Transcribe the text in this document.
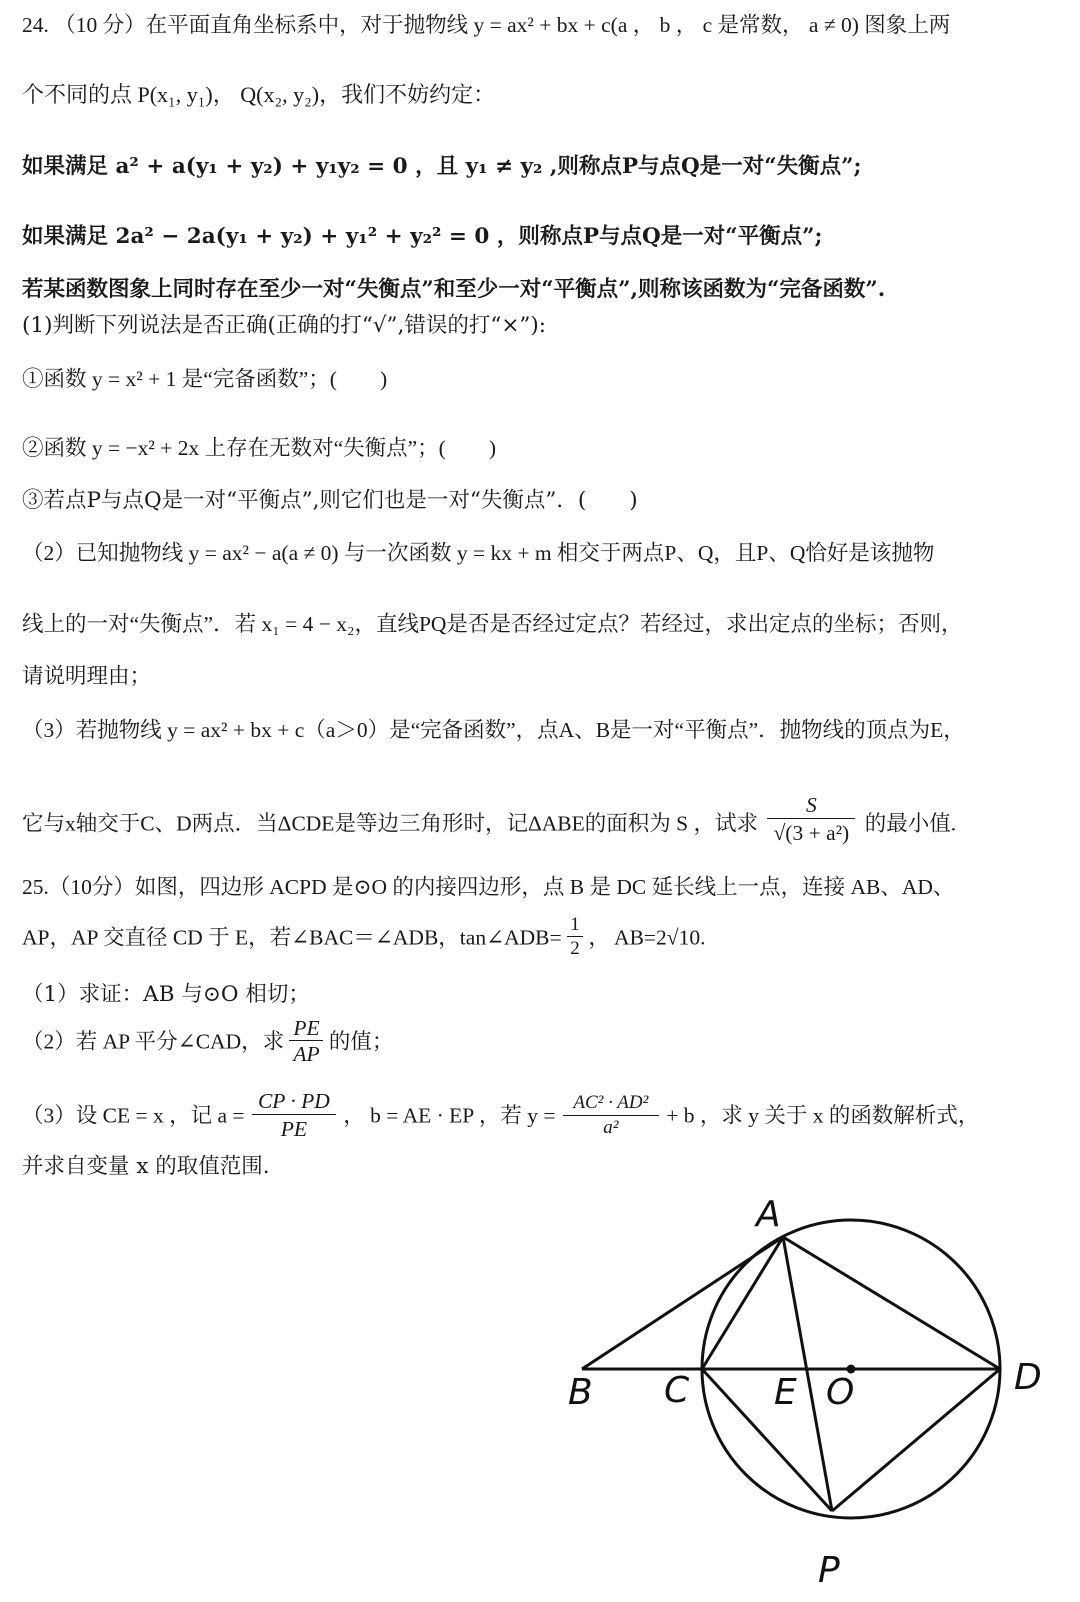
24. （10 分）在平面直角坐标系中，对于抛物线 y = ax² + bx + c(a ， b ， c 是常数， a ≠ 0) 图象上两
个不同的点 P(x₁, y₁)， Q(x₂, y₂)，我们不妨约定：
如果满足 a² + a(y₁ + y₂) + y₁y₂ = 0 ，且 y₁ ≠ y₂ ,则称点P与点Q是一对“失衡点”;
如果满足 2a² − 2a(y₁ + y₂) + y₁² + y₂² = 0 ，则称点P与点Q是一对“平衡点”;
若某函数图象上同时存在至少一对“失衡点”和至少一对“平衡点”,则称该函数为“完备函数”.
(1)判断下列说法是否正确(正确的打“√”,错误的打“×”):
①函数 y = x² + 1 是“完备函数”；(　　)
②函数 y = −x² + 2x 上存在无数对“失衡点”；(　　)
③若点P与点Q是一对“平衡点”,则它们也是一对“失衡点”．(　　)
（2）已知抛物线 y = ax² − a(a ≠ 0) 与一次函数 y = kx + m 相交于两点P、Q，且P、Q恰好是该抛物
线上的一对“失衡点”．若 x₁ = 4 − x₂，直线PQ是否是否经过定点？若经过，求出定点的坐标；否则，
请说明理由；
（3）若抛物线 y = ax² + bx + c（a＞0）是“完备函数”，点A、B是一对“平衡点”．抛物线的顶点为E，
它与x轴交于C、D两点．当ΔCDE是等边三角形时，记ΔABE的面积为 S ，试求 $\frac{S}{\text{√(3 + a²)}}$ 的最小值.
25.（10分）如图，四边形 ACPD 是⊙O 的内接四边形，点 B 是 DC 延长线上一点，连接 AB、AD、
AP，AP 交直径 CD 于 E，若∠BAC＝∠ADB，tan∠ADB= $\frac{1}{2}$ ， AB=2√10.
（1）求证：AB 与⊙O 相切；
（2）若 AP 平分∠CAD，求 $\frac{PE}{AP}$ 的值；
（3）设 CE = x ，记 $a = \frac{CP \cdot PD}{PE}$ ， b = AE · EP ，若 $y = \frac{\text{AC² · AD²}}{\text{a²}} + b$ ，求 y 关于 x 的函数解析式，
并求自变量 x 的取值范围.
A
B C E O	D
P
